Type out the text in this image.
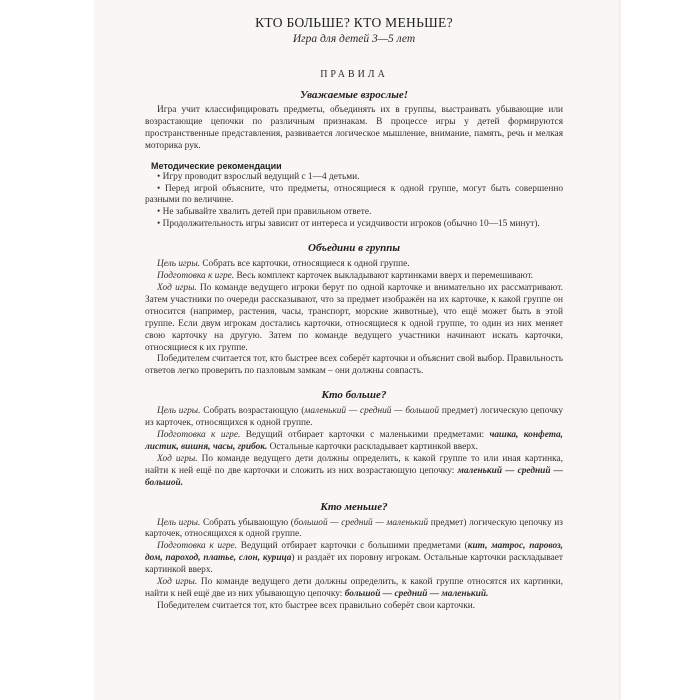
КТО БОЛЬШЕ? КТО МЕНЬШЕ?
Игра для детей 3—5 лет
ПРАВИЛА
Уважаемые взрослые!

Игра учит классифицировать предметы, объединять их в группы, выстраивать убывающие или возрастающие цепочки по различным признакам. В процессе игры у детей формируются пространственные представления, развивается логическое мышление, внимание, память, речь и мелкая моторика рук.

Методические рекомендации

• Игру проводит взрослый ведущий с 1—4 детьми.

• Перед игрой объясните, что предметы, относящиеся к одной группе, могут быть совершенно разными по величине.

• Не забывайте хвалить детей при правильном ответе.

• Продолжительность игры зависит от интереса и усидчивости игроков (обычно 10—15 минут).

Объедини в группы

Цель игры. Собрать все карточки, относящиеся к одной группе.

Подготовка к игре. Весь комплект карточек выкладывают картинками вверх и перемешивают.

Ход игры. По команде ведущего игроки берут по одной карточке и внимательно их рассматривают. Затем участники по очереди рассказывают, что за предмет изображён на их карточке, к какой группе он относится (например, растения, часы, транспорт, морские животные), что ещё может быть в этой группе. Если двум игрокам достались карточки, относящиеся к одной группе, то один из них меняет свою карточку на другую. Затем по команде ведущего участники начинают искать карточки, относящиеся к их группе.

Победителем считается тот, кто быстрее всех соберёт карточки и объяснит свой выбор. Правильность ответов легко проверить по пазловым замкам – они должны совпасть.

Кто больше?

Цель игры. Собрать возрастающую (маленький — средний — большой предмет) логическую цепочку из карточек, относящихся к одной группе.

Подготовка к игре. Ведущий отбирает карточки с маленькими предметами: чашка, конфета, листик, вишня, часы, грибок. Остальные карточки раскладывает картинкой вверх.

Ход игры. По команде ведущего дети должны определить, к какой группе то или иная картинка, найти к ней ещё по две карточки и сложить из них возрастающую цепочку: маленький — средний — большой.

Кто меньше?

Цель игры. Собрать убывающую (большой — средний — маленький предмет) логическую цепочку из карточек, относящихся к одной группе.

Подготовка к игре. Ведущий отбирает карточки с большими предметами (кит, матрос, паровоз, дом, пароход, платье, слон, курица) и раздаёт их поровну игрокам. Остальные карточки раскладывает картинкой вверх.

Ход игры. По команде ведущего дети должны определить, к какой группе относятся их картинки, найти к ней ещё две из них убывающую цепочку: большой — средний — маленький.

Победителем считается тот, кто быстрее всех правильно соберёт свои карточки.
